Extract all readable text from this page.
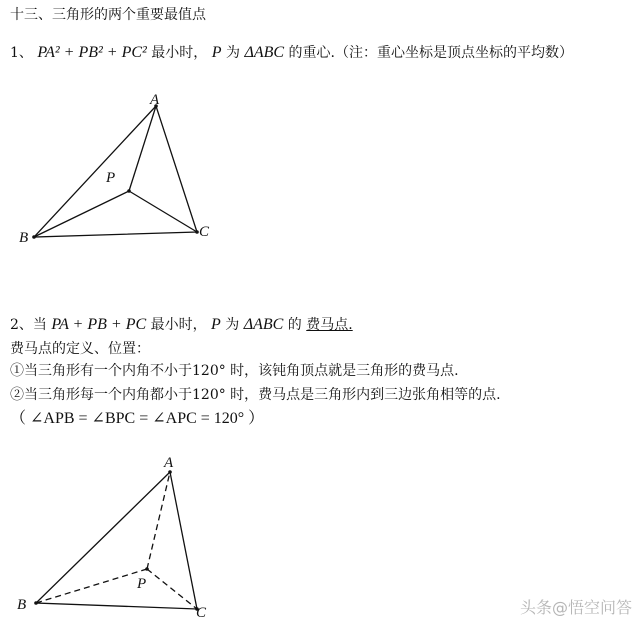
十三、三角形的两个重要最值点
1、 PA² + PB² + PC² 最小时， P 为 ΔABC 的重心.（注：重心坐标是顶点坐标的平均数）
A
B	C
P
A
B	C
P
2、当 PA + PB + PC 最小时， P 为 ΔABC 的 费马点.
费马点的定义、位置：
①当三角形有一个内角不小于120° 时，该钝角顶点就是三角形的费马点.
②当三角形每一个内角都小于120° 时，费马点是三角形内到三边张角相等的点.
（ ∠APB = ∠BPC = ∠APC = 120° ）
头条@悟空问答
